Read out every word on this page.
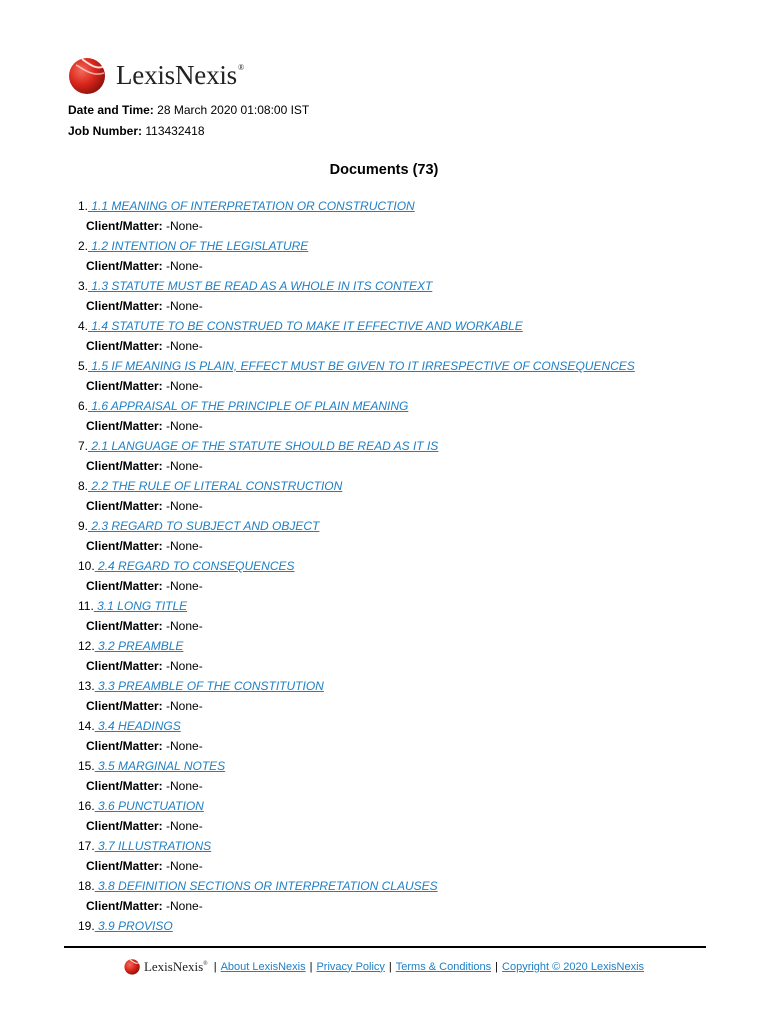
LexisNexis®
Date and Time: 28 March 2020 01:08:00 IST
Job Number: 113432418
Documents (73)
1. 1.1 MEANING OF INTERPRETATION OR CONSTRUCTION
Client/Matter: -None-
2. 1.2 INTENTION OF THE LEGISLATURE
Client/Matter: -None-
3. 1.3 STATUTE MUST BE READ AS A WHOLE IN ITS CONTEXT
Client/Matter: -None-
4. 1.4 STATUTE TO BE CONSTRUED TO MAKE IT EFFECTIVE AND WORKABLE
Client/Matter: -None-
5. 1.5 IF MEANING IS PLAIN, EFFECT MUST BE GIVEN TO IT IRRESPECTIVE OF CONSEQUENCES
Client/Matter: -None-
6. 1.6 APPRAISAL OF THE PRINCIPLE OF PLAIN MEANING
Client/Matter: -None-
7. 2.1 LANGUAGE OF THE STATUTE SHOULD BE READ AS IT IS
Client/Matter: -None-
8. 2.2 THE RULE OF LITERAL CONSTRUCTION
Client/Matter: -None-
9. 2.3 REGARD TO SUBJECT AND OBJECT
Client/Matter: -None-
10. 2.4 REGARD TO CONSEQUENCES
Client/Matter: -None-
11. 3.1 LONG TITLE
Client/Matter: -None-
12. 3.2 PREAMBLE
Client/Matter: -None-
13. 3.3 PREAMBLE OF THE CONSTITUTION
Client/Matter: -None-
14. 3.4 HEADINGS
Client/Matter: -None-
15. 3.5 MARGINAL NOTES
Client/Matter: -None-
16. 3.6 PUNCTUATION
Client/Matter: -None-
17. 3.7 ILLUSTRATIONS
Client/Matter: -None-
18. 3.8 DEFINITION SECTIONS OR INTERPRETATION CLAUSES
Client/Matter: -None-
19. 3.9 PROVISO
LexisNexis® | About LexisNexis | Privacy Policy | Terms & Conditions | Copyright © 2020 LexisNexis
